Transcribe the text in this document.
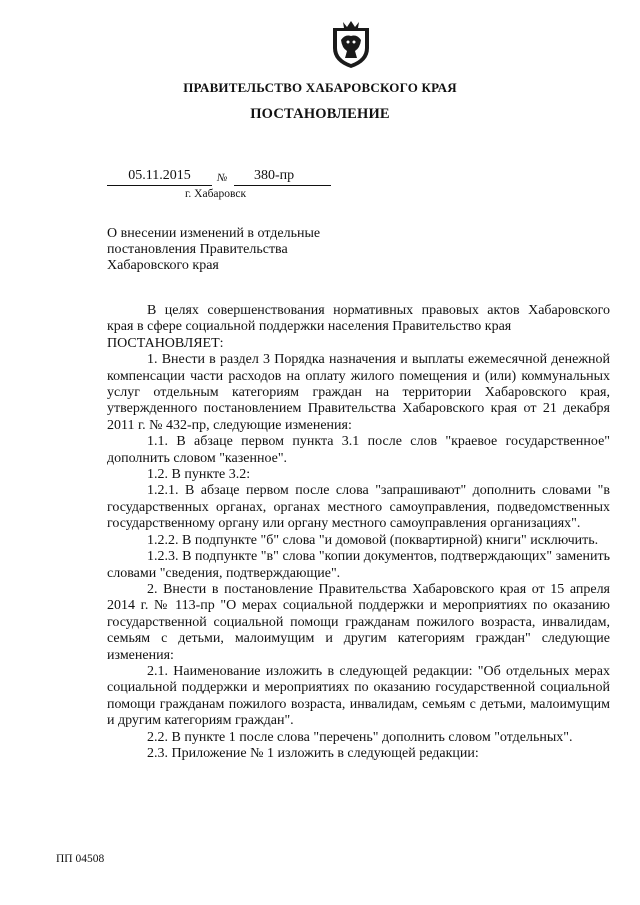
ПРАВИТЕЛЬСТВО ХАБАРОВСКОГО КРАЯ
ПОСТАНОВЛЕНИЕ
05.11.2015	№	380-пр
г. Хабаровск

О внесении изменений в отдельные постановления Правительства Хабаровского края

В целях совершенствования нормативных правовых актов Хабаровского края в сфере социальной поддержки населения Правительство края

ПОСТАНОВЛЯЕТ:

1. Внести в раздел 3 Порядка назначения и выплаты ежемесячной денежной компенсации части расходов на оплату жилого помещения и (или) коммунальных услуг отдельным категориям граждан на территории Хабаровского края, утвержденного постановлением Правительства Хабаровского края от 21 декабря 2011 г. № 432-пр, следующие изменения:

1.1. В абзаце первом пункта 3.1 после слов "краевое государственное" дополнить словом "казенное".

1.2. В пункте 3.2:

1.2.1. В абзаце первом после слова "запрашивают" дополнить словами "в государственных органах, органах местного самоуправления, подведомственных государственному органу или органу местного самоуправления организациях".

1.2.2. В подпункте "б" слова "и домовой (поквартирной) книги" исключить.

1.2.3. В подпункте "в" слова "копии документов, подтверждающих" заменить словами "сведения, подтверждающие".

2. Внести в постановление Правительства Хабаровского края от 15 апреля 2014 г. № 113-пр "О мерах социальной поддержки и мероприятиях по оказанию государственной социальной помощи гражданам пожилого возраста, инвалидам, семьям с детьми, малоимущим и другим категориям граждан" следующие изменения:

2.1. Наименование изложить в следующей редакции: "Об отдельных мерах социальной поддержки и мероприятиях по оказанию государственной социальной помощи гражданам пожилого возраста, инвалидам, семьям с детьми, малоимущим и другим категориям граждан".

2.2. В пункте 1 после слова "перечень" дополнить словом "отдельных".

2.3. Приложение № 1 изложить в следующей редакции:

ПП 04508
